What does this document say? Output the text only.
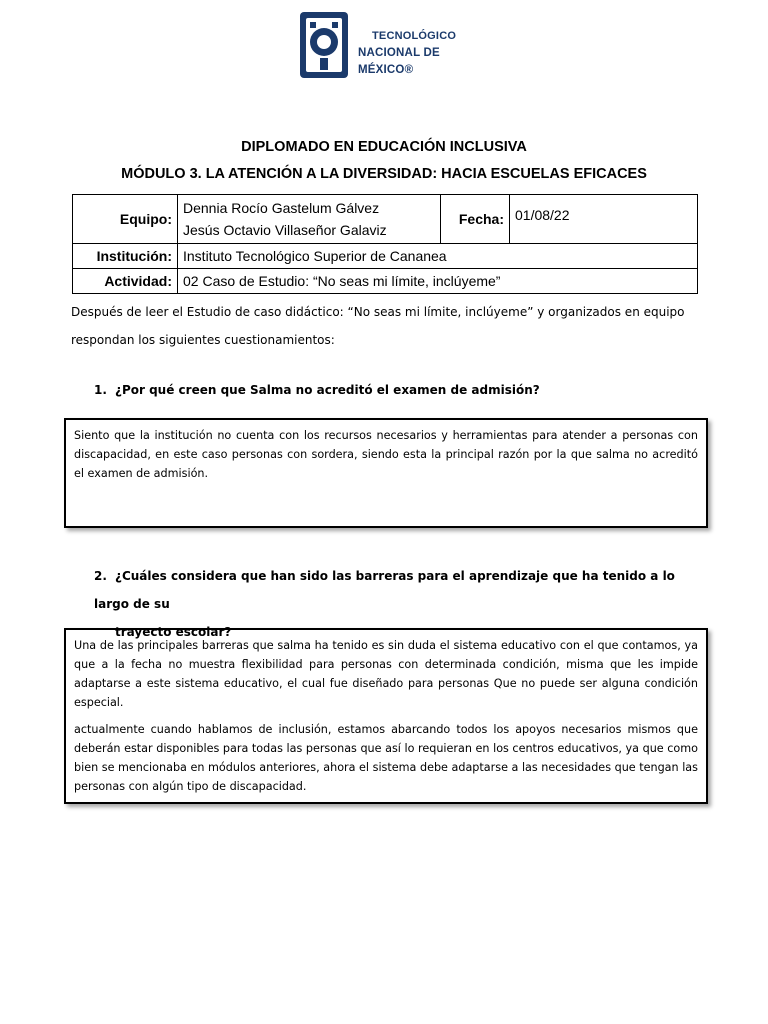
TECNOLÓGICO
NACIONAL DE MÉXICO®
DIPLOMADO EN EDUCACIÓN INCLUSIVA
MÓDULO 3. LA ATENCIÓN A LA DIVERSIDAD: HACIA ESCUELAS EFICACES
Equipo:	Dennia Rocío Gastelum Gálvez
Jesús Octavio Villaseñor Galaviz	Fecha:	01/08/22
Institución:	Instituto Tecnológico Superior de Cananea		
Actividad:	02 Caso de Estudio: “No seas mi límite, inclúyeme”		
Después de leer el Estudio de caso didáctico: “No seas mi límite, inclúyeme” y organizados en equipo
respondan los siguientes cuestionamientos:
1. ¿Por qué creen que Salma no acreditó el examen de admisión?

Siento que la institución no cuenta con los recursos necesarios y herramientas para atender a personas con discapacidad, en este caso personas con sordera, siendo esta la principal razón por la que salma no acreditó el examen de admisión.

2. ¿Cuáles considera que han sido las barreras para el aprendizaje que ha tenido a lo largo de su
trayecto escolar?

Una de las principales barreras que salma ha tenido es sin duda el sistema educativo con el que contamos, ya que a la fecha no muestra flexibilidad para personas con determinada condición, misma que les impide adaptarse a este sistema educativo, el cual fue diseñado para personas Que no puede ser alguna condición especial.

actualmente cuando hablamos de inclusión, estamos abarcando todos los apoyos necesarios mismos que deberán estar disponibles para todas las personas que así lo requieran en los centros educativos, ya que como bien se mencionaba en módulos anteriores, ahora el sistema debe adaptarse a las necesidades que tengan las personas con algún tipo de discapacidad.
